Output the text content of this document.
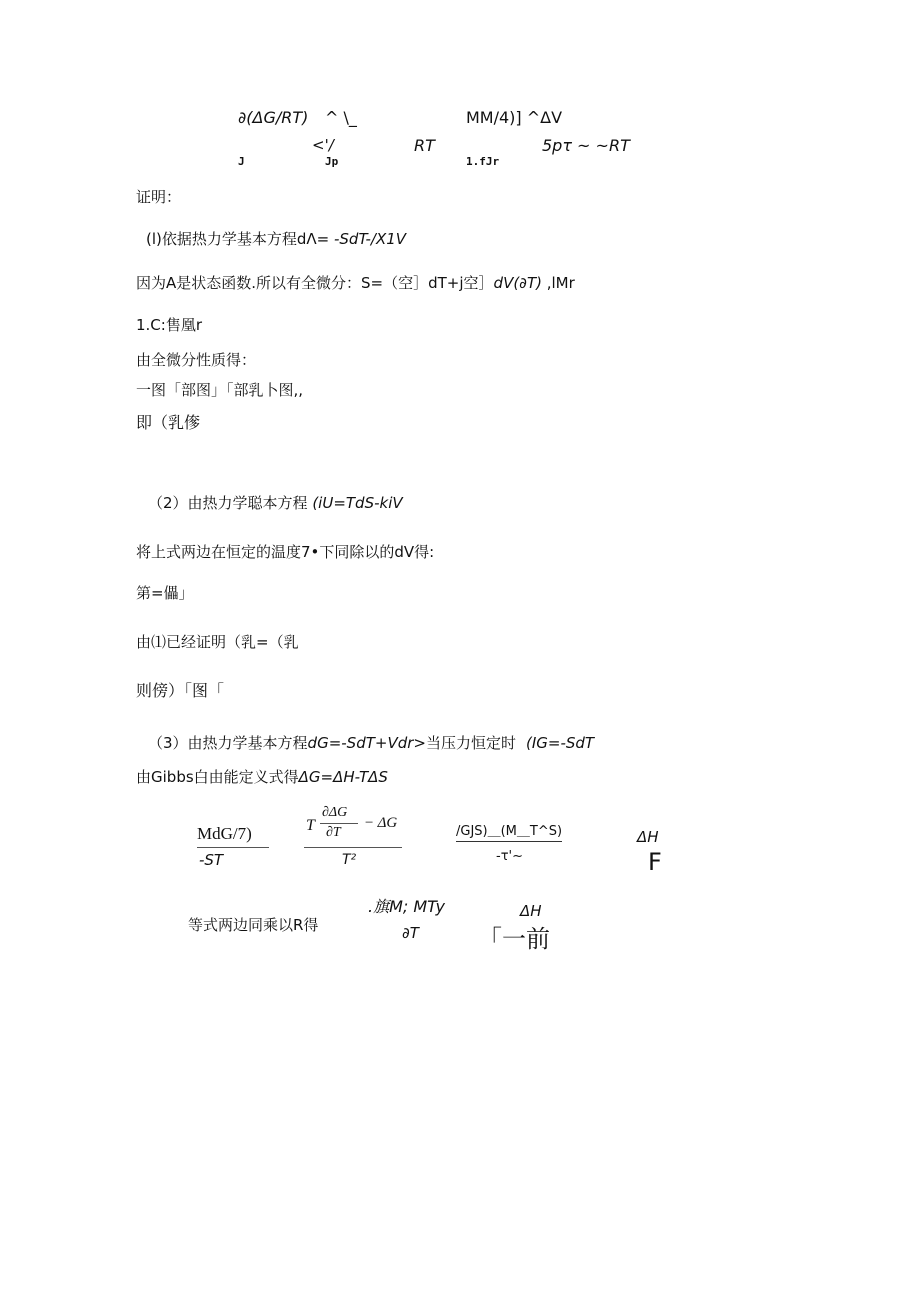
∂(ΔG/RT) ^ \_	MM/4)] ^ΔV
<'/	RT	5pτ ~ ~RT
J	Jp	1.fJr
证明：
(l)依据热力学基本方程dΛ= -SdT-/X1V
因为A是状态函数.所以有全微分：S=（空］dT+j空］dV(∂T) ,lMr
1.C:售凰r
由全微分性质得：
一图「部图」「部乳卜图,,
即（乳偧
（2）由热力学聪本方程 (iU=TdS-kiV
将上式两边在恒定的温度7•下同除以的dV得:
第=儡」
由⑴已经证明（乳=（乳
则傍）「图「
（3）由热力学基本方程dG=-SdT+Vdr>当压力恒定时 (IG=-SdT
由Gibbs白由能定义式得ΔG=ΔH-TΔS
MdG/7)
-ST
T
∂ΔG
∂T
− ΔG
T²
/GJS)＿(M＿T^S)
-τ'~
ΔH
F
等式两边同乘以R得
.旗M; MTy
∂T
ΔH
「一前
